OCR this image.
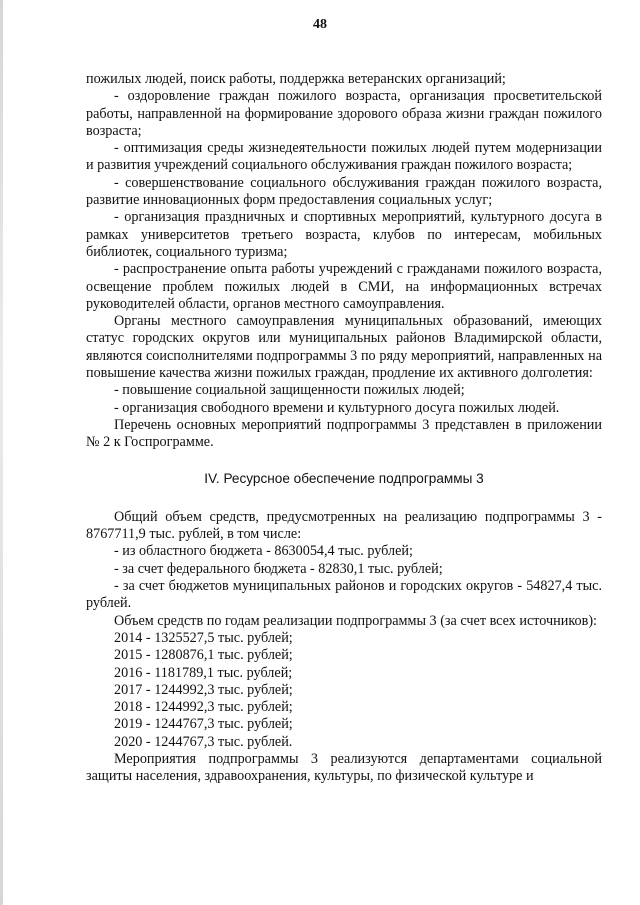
48

пожилых людей, поиск работы, поддержка ветеранских организаций;

- оздоровление граждан пожилого возраста, организация просветительской работы, направленной на формирование здорового образа жизни граждан пожилого возраста;

- оптимизация среды жизнедеятельности пожилых людей путем модернизации и развития учреждений социального обслуживания граждан пожилого возраста;

- совершенствование социального обслуживания граждан пожилого возраста, развитие инновационных форм предоставления социальных услуг;

- организация праздничных и спортивных мероприятий, культурного досуга в рамках университетов третьего возраста, клубов по интересам, мобильных библиотек, социального туризма;

- распространение опыта работы учреждений с гражданами пожилого возраста, освещение проблем пожилых людей в СМИ, на информационных встречах руководителей области, органов местного самоуправления.

Органы местного самоуправления муниципальных образований, имеющих статус городских округов или муниципальных районов Владимирской области, являются соисполнителями подпрограммы 3 по ряду мероприятий, направленных на повышение качества жизни пожилых граждан, продление их активного долголетия:

- повышение социальной защищенности пожилых людей;

- организация свободного времени и культурного досуга пожилых людей.

Перечень основных мероприятий подпрограммы 3 представлен в приложении № 2 к Госпрограмме.

IV. Ресурсное обеспечение подпрограммы 3

Общий объем средств, предусмотренных на реализацию подпрограммы 3 - 8767711,9 тыс. рублей, в том числе:

- из областного бюджета - 8630054,4 тыс. рублей;

- за счет федерального бюджета - 82830,1 тыс. рублей;

- за счет бюджетов муниципальных районов и городских округов - 54827,4 тыс. рублей.

Объем средств по годам реализации подпрограммы 3 (за счет всех источников):

2014 - 1325527,5 тыс. рублей;

2015 - 1280876,1 тыс. рублей;

2016 - 1181789,1 тыс. рублей;

2017 - 1244992,3 тыс. рублей;

2018 - 1244992,3 тыс. рублей;

2019 - 1244767,3 тыс. рублей;

2020 - 1244767,3 тыс. рублей.

Мероприятия подпрограммы 3 реализуются департаментами социальной защиты населения, здравоохранения, культуры, по физической культуре и
